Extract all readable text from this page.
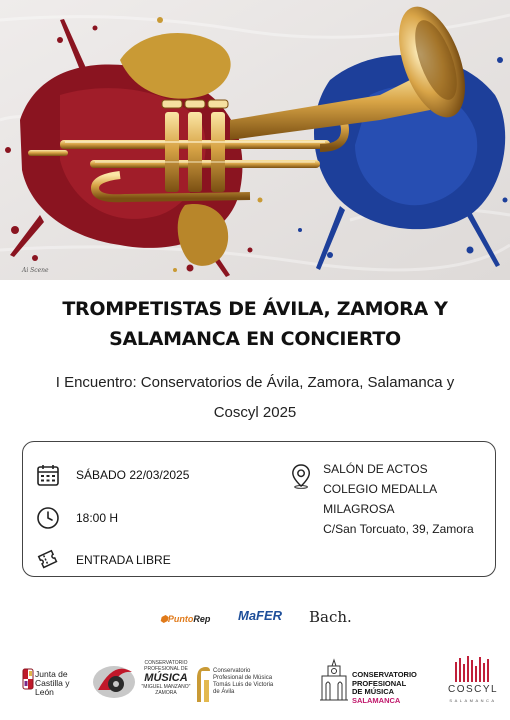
Ai Scene
TROMPETISTAS DE ÁVILA, ZAMORA Y
SALAMANCA EN CONCIERTO
I Encuentro: Conservatorios de Ávila, Zamora, Salamanca y
Coscyl 2025
SÁBADO 22/03/2025
18:00 H
ENTRADA LIBRE
SALÓN DE ACTOS
COLEGIO MEDALLA MILAGROSA
C/San Torcuato, 39, Zamora
⬢PuntoRep MaFER Bach.
Junta de
Castilla y León
CONSERVATORIO PROFESIONAL DE
MÚSICA
"MIGUEL MANZANO"
ZAMORA
Conservatorio
Profesional de Música
Tomás Luis de Victoria
de Ávila
CONSERVATORIO
PROFESIONAL
DE MÚSICA
SALAMANCA
COSCYL
SALAMANCA
